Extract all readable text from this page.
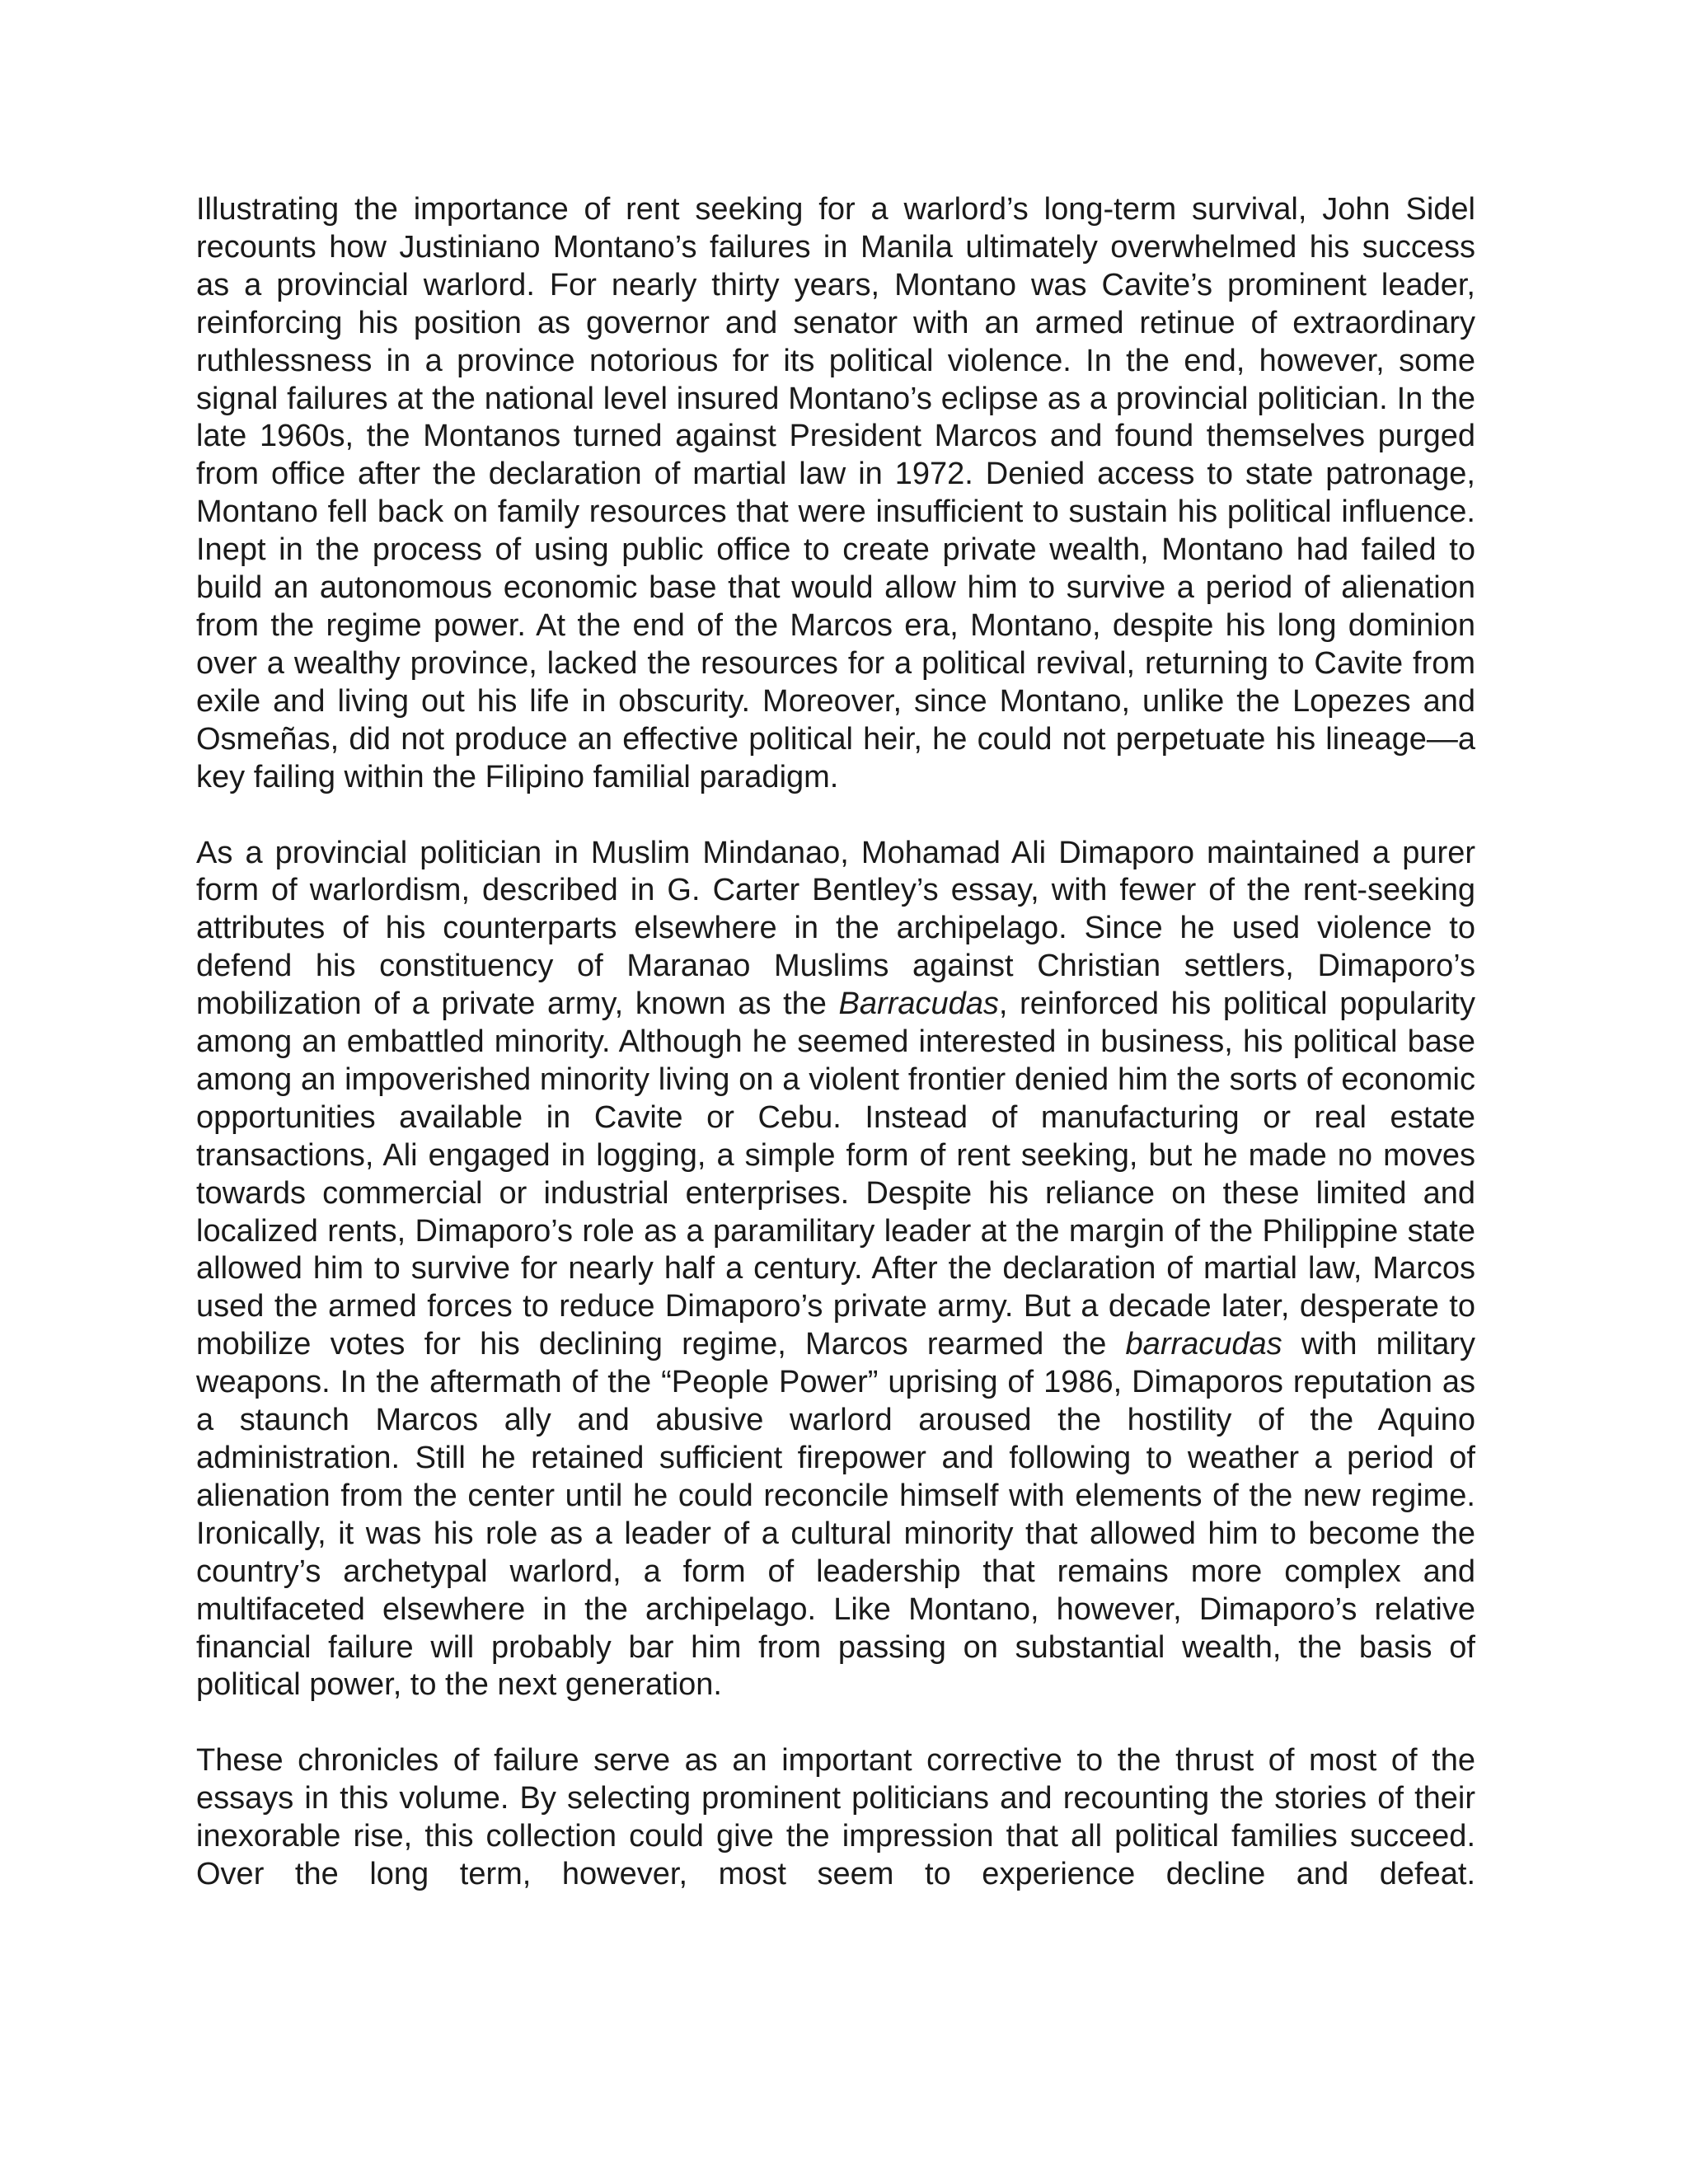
Illustrating the importance of rent seeking for a warlord’s long-term survival, John Sidel recounts how Justiniano Montano’s failures in Manila ultimately overwhelmed his success as a provincial warlord. For nearly thirty years, Montano was Cavite’s prominent leader, reinforcing his position as governor and senator with an armed retinue of extraordinary ruthlessness in a province notorious for its political violence. In the end, however, some signal failures at the national level insured Montano’s eclipse as a provincial politician. In the late 1960s, the Montanos turned against President Marcos and found themselves purged from office after the declaration of martial law in 1972. Denied access to state patronage, Montano fell back on family resources that were insufficient to sustain his political influence. Inept in the process of using public office to create private wealth, Montano had failed to build an autonomous economic base that would allow him to survive a period of alienation from the regime power. At the end of the Marcos era, Montano, despite his long dominion over a wealthy province, lacked the resources for a political revival, returning to Cavite from exile and living out his life in obscurity. Moreover, since Montano, unlike the Lopezes and Osmeñas, did not produce an effective political heir, he could not perpetuate his lineage—a key failing within the Filipino familial paradigm.

As a provincial politician in Muslim Mindanao, Mohamad Ali Dimaporo maintained a purer form of warlordism, described in G. Carter Bentley’s essay, with fewer of the rent-seeking attributes of his counterparts elsewhere in the archipelago. Since he used violence to defend his constituency of Maranao Muslims against Christian settlers, Dimaporo’s mobilization of a private army, known as the Barracudas, reinforced his political popularity among an embattled minority. Although he seemed interested in business, his political base among an impoverished minority living on a violent frontier denied him the sorts of economic opportunities available in Cavite or Cebu. Instead of manufacturing or real estate transactions, Ali engaged in logging, a simple form of rent seeking, but he made no moves towards commercial or industrial enterprises. Despite his reliance on these limited and localized rents, Dimaporo’s role as a paramilitary leader at the margin of the Philippine state allowed him to survive for nearly half a century. After the declaration of martial law, Marcos used the armed forces to reduce Dimaporo’s private army. But a decade later, desperate to mobilize votes for his declining regime, Marcos rearmed the barracudas with military weapons. In the aftermath of the “People Power” uprising of 1986, Dimaporos reputation as a staunch Marcos ally and abusive warlord aroused the hostility of the Aquino administration. Still he retained sufficient firepower and following to weather a period of alienation from the center until he could reconcile himself with elements of the new regime. Ironically, it was his role as a leader of a cultural minority that allowed him to become the country’s archetypal warlord, a form of leadership that remains more complex and multifaceted elsewhere in the archipelago. Like Montano, however, Dimaporo’s relative financial failure will probably bar him from passing on substantial wealth, the basis of political power, to the next generation.

These chronicles of failure serve as an important corrective to the thrust of most of the essays in this volume. By selecting prominent politicians and recounting the stories of their inexorable rise, this collection could give the impression that all political families succeed. Over the long term, however, most seem to experience decline and defeat.
